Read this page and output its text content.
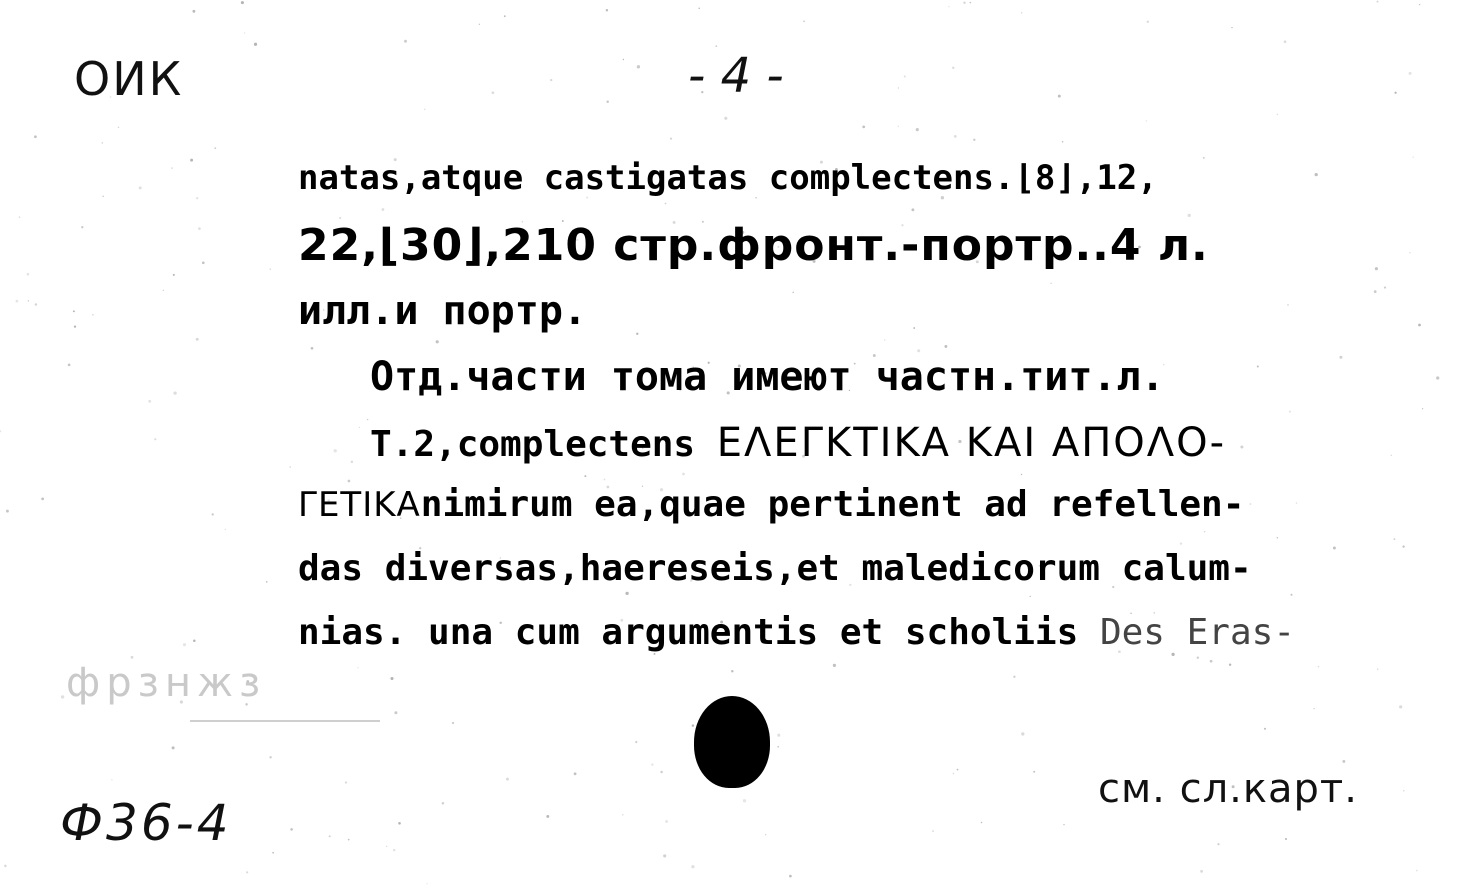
ОИК	- 4 -
natas,atque castigatas complectens.⌊8⌋,12,
22,⌊30⌋,210 стр.фронт.-портр..4 л.
илл.и портр.
Отд.части тома имеют частн.тит.л.
Т.2,complectens ΕΛΕΓΚΤΙΚΑ ΚΑΙ ΑΠΟΛΟ-
ΓΕΤΙΚΑnimirum ea,quae pertinent ad refellen-
das diversas,haereseis,et maledicorum calum-
nias. una cum argumentis et scholiis Des Eras-
фрзнжз
Ф36-4
см. сл.карт.
